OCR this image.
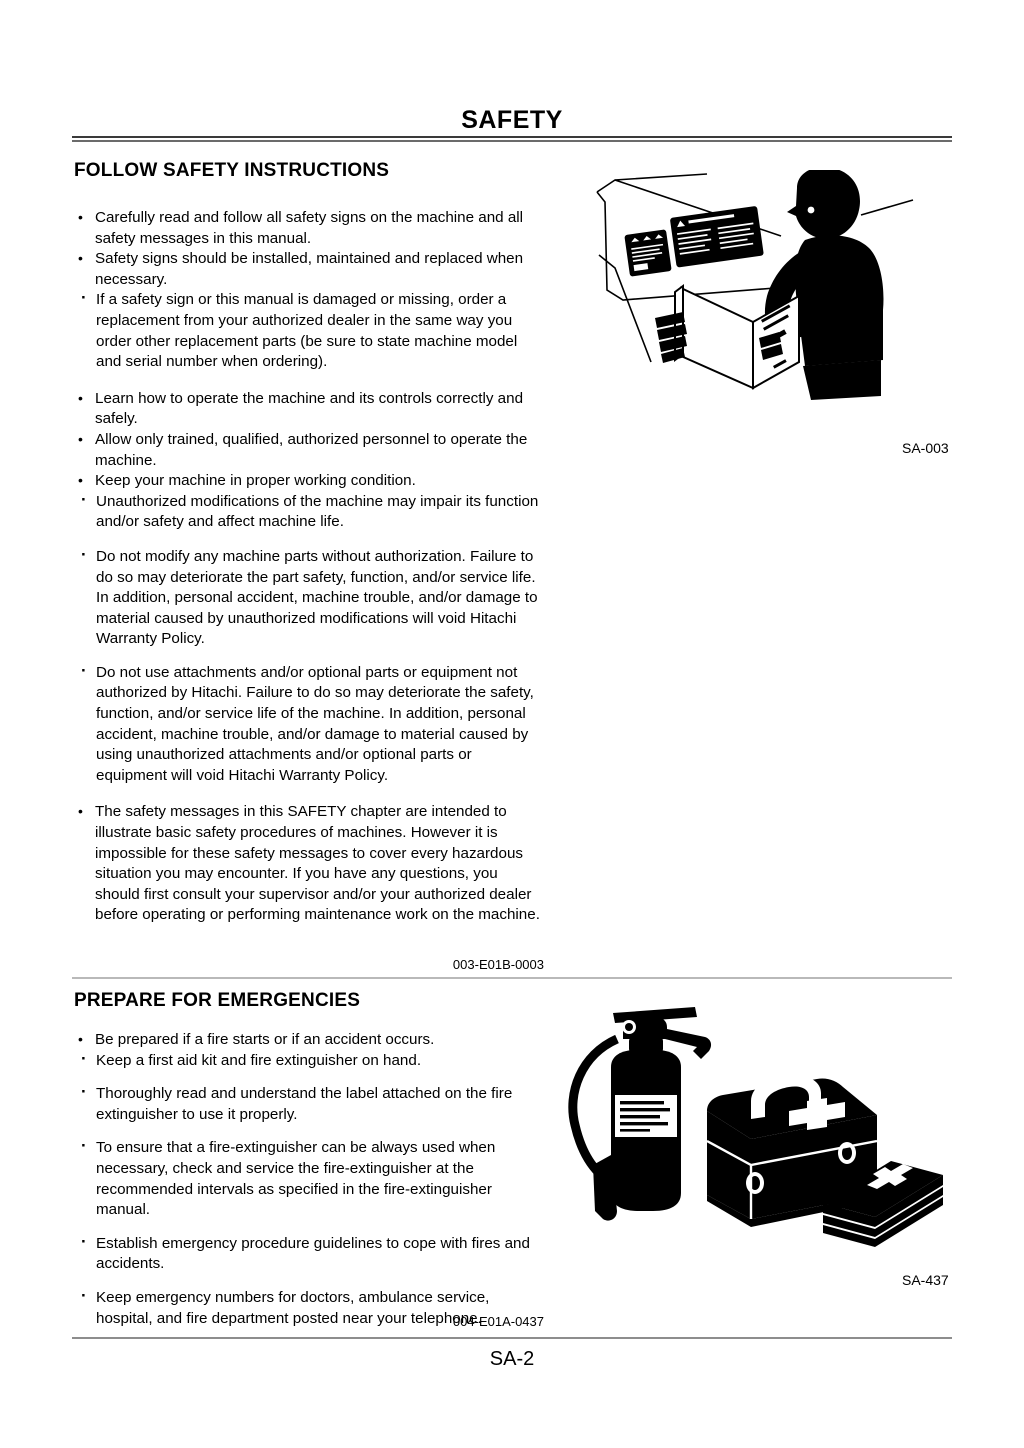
SAFETY
FOLLOW SAFETY INSTRUCTIONS
• Carefully read and follow all safety signs on the machine and all safety messages in this manual.
• Safety signs should be installed, maintained and replaced when necessary.
· If a safety sign or this manual is damaged or missing, order a replacement from your authorized dealer in the same way you order other replacement parts (be sure to state machine model and serial number when ordering).
• Learn how to operate the machine and its controls correctly and safely.
• Allow only trained, qualified, authorized personnel to operate the machine.
• Keep your machine in proper working condition.
· Unauthorized modifications of the machine may impair its function and/or safety and affect machine life.
· Do not modify any machine parts without authorization. Failure to do so may deteriorate the part safety, function, and/or service life. In addition, personal accident, machine trouble, and/or damage to material caused by unauthorized modifications will void Hitachi Warranty Policy.
· Do not use attachments and/or optional parts or equipment not authorized by Hitachi. Failure to do so may deteriorate the safety, function, and/or service life of the machine. In addition, personal accident, machine trouble, and/or damage to material caused by using unauthorized attachments and/or optional parts or equipment will void Hitachi Warranty Policy.
• The safety messages in this SAFETY chapter are intended to illustrate basic safety procedures of machines. However it is impossible for these safety messages to cover every hazardous situation you may encounter. If you have any questions, you should first consult your supervisor and/or your authorized dealer before operating or performing maintenance work on the machine.
003-E01B-0003
SA-003
PREPARE FOR EMERGENCIES
• Be prepared if a fire starts or if an accident occurs.
· Keep a first aid kit and fire extinguisher on hand.
· Thoroughly read and understand the label attached on the fire extinguisher to use it properly.
· To ensure that a fire-extinguisher can be always used when necessary, check and service the fire-extinguisher at the recommended intervals as specified in the fire-extinguisher manual.
· Establish emergency procedure guidelines to cope with fires and accidents.
· Keep emergency numbers for doctors, ambulance service, hospital, and fire department posted near your telephone.
004-E01A-0437
SA-437
SA-2
